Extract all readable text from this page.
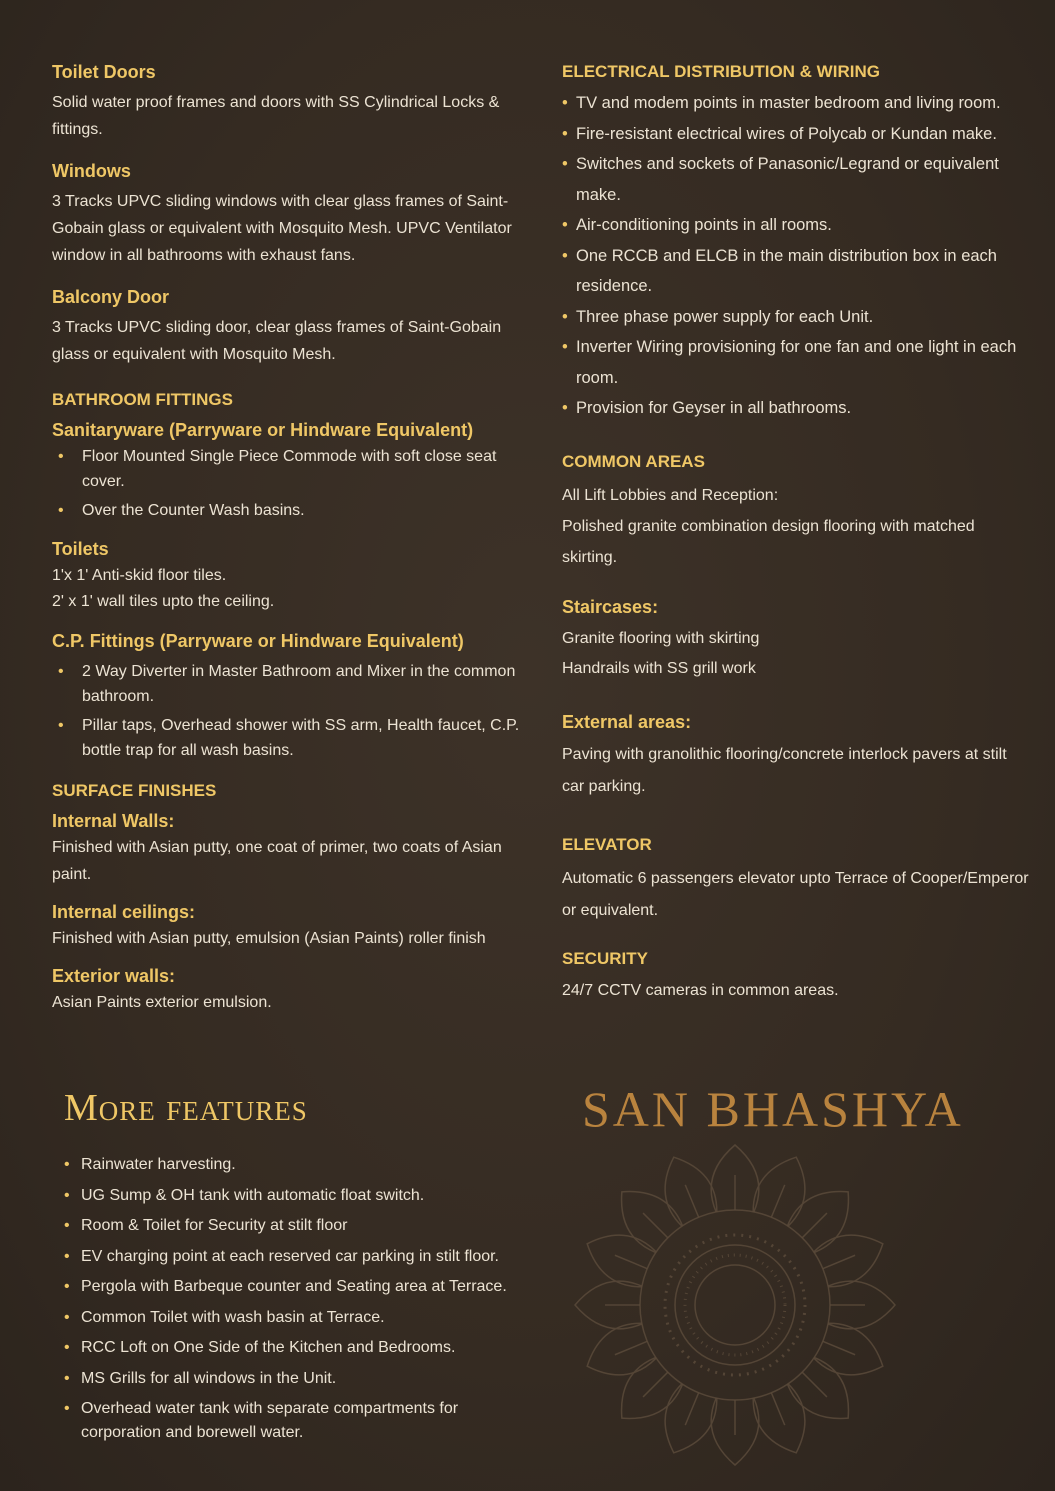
Toilet Doors

Solid water proof frames and doors with SS Cylindrical Locks & fittings.

Windows

3 Tracks UPVC sliding windows with clear glass frames of Saint-Gobain glass or equivalent with Mosquito Mesh. UPVC Ventilator window in all bathrooms with exhaust fans.

Balcony Door

3 Tracks UPVC sliding door, clear glass frames of Saint-Gobain glass or equivalent with Mosquito Mesh.

BATHROOM FITTINGS
Sanitaryware (Parryware or Hindware Equivalent)
• Floor Mounted Single Piece Commode with soft close seat cover.
• Over the Counter Wash basins.
Toilets

1'x 1' Anti-skid floor tiles.

2' x 1' wall tiles upto the ceiling.

C.P. Fittings (Parryware or Hindware Equivalent)
• 2 Way Diverter in Master Bathroom and Mixer in the common bathroom.
• Pillar taps, Overhead shower with SS arm, Health faucet, C.P. bottle trap for all wash basins.
SURFACE FINISHES
Internal Walls:

Finished with Asian putty, one coat of primer, two coats of Asian paint.

Internal ceilings:

Finished with Asian putty, emulsion (Asian Paints) roller finish

Exterior walls:

Asian Paints exterior emulsion.

ELECTRICAL DISTRIBUTION & WIRING
• TV and modem points in master bedroom and living room.
• Fire-resistant electrical wires of Polycab or Kundan make.
• Switches and sockets of Panasonic/Legrand or equivalent make.
• Air-conditioning points in all rooms.
• One RCCB and ELCB in the main distribution box in each residence.
• Three phase power supply for each Unit.
• Inverter Wiring provisioning for one fan and one light in each room.
• Provision for Geyser in all bathrooms.
COMMON AREAS

All Lift Lobbies and Reception:

Polished granite combination design flooring with matched skirting.

Staircases:

Granite flooring with skirting

Handrails with SS grill work

External areas:

Paving with granolithic flooring/concrete interlock pavers at stilt car parking.

ELEVATOR

Automatic 6 passengers elevator upto Terrace of Cooper/Emperor or equivalent.

SECURITY

24/7 CCTV cameras in common areas.

More features
• Rainwater harvesting.
• UG Sump & OH tank with automatic float switch.
• Room & Toilet for Security at stilt floor
• EV charging point at each reserved car parking in stilt floor.
• Pergola with Barbeque counter and Seating area at Terrace.
• Common Toilet with wash basin at Terrace.
• RCC Loft on One Side of the Kitchen and Bedrooms.
• MS Grills for all windows in the Unit.
• Overhead water tank with separate compartments for corporation and borewell water.
SAN BHASHYA
